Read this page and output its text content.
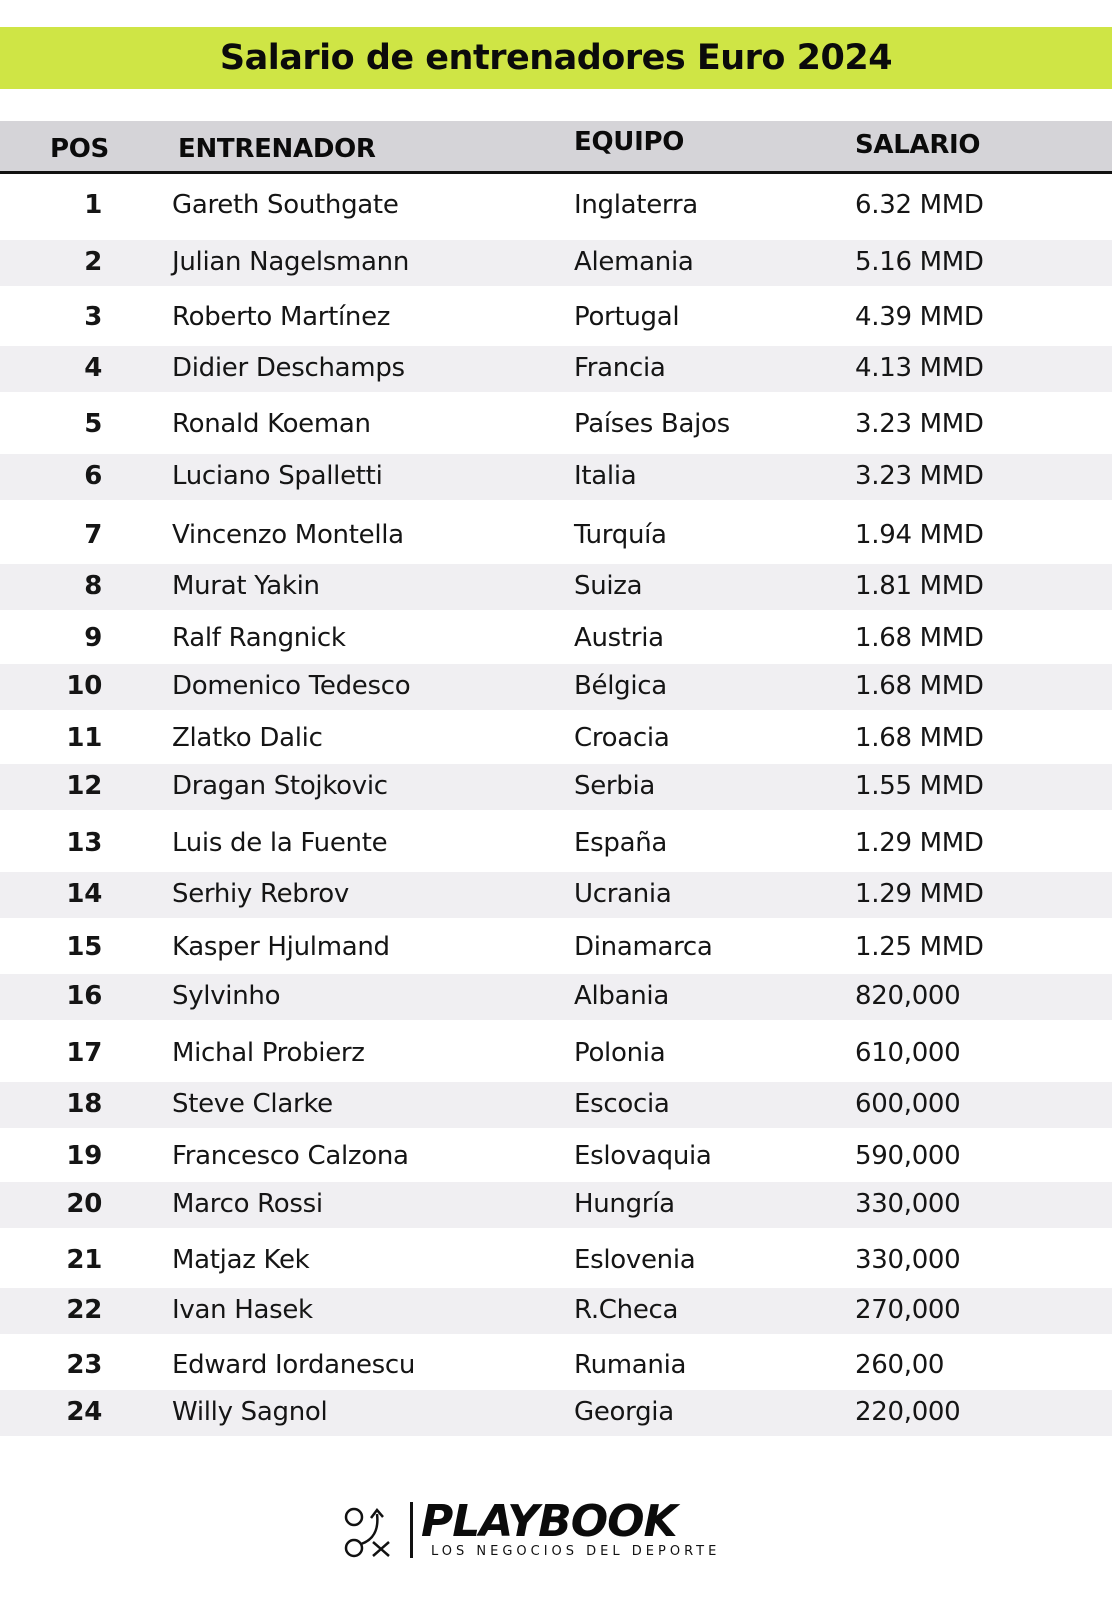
Salario de entrenadores Euro 2024
POS	ENTRENADOR	EQUIPO	SALARIO
1	Gareth Southgate	Inglaterra	6.32 MMD
2	Julian Nagelsmann	Alemania	5.16 MMD
3	Roberto Martínez	Portugal	4.39 MMD
4	Didier Deschamps	Francia	4.13 MMD
5	Ronald Koeman	Países Bajos	3.23 MMD
6	Luciano Spalletti	Italia	3.23 MMD
7	Vincenzo Montella	Turquía	1.94 MMD
8	Murat Yakin	Suiza	1.81 MMD
9	Ralf Rangnick	Austria	1.68 MMD
10	Domenico Tedesco	Bélgica	1.68 MMD
11	Zlatko Dalic	Croacia	1.68 MMD
12	Dragan Stojkovic	Serbia	1.55 MMD
13	Luis de la Fuente	España	1.29 MMD
14	Serhiy Rebrov	Ucrania	1.29 MMD
15	Kasper Hjulmand	Dinamarca	1.25 MMD
16	Sylvinho	Albania	820,000
17	Michal Probierz	Polonia	610,000
18	Steve Clarke	Escocia	600,000
19	Francesco Calzona	Eslovaquia	590,000
20	Marco Rossi	Hungría	330,000
21	Matjaz Kek	Eslovenia	330,000
22	Ivan Hasek	R.Checa	270,000
23	Edward Iordanescu	Rumania	260,00
24	Willy Sagnol	Georgia	220,000
PLAYBOOK
LOS NEGOCIOS DEL DEPORTE
